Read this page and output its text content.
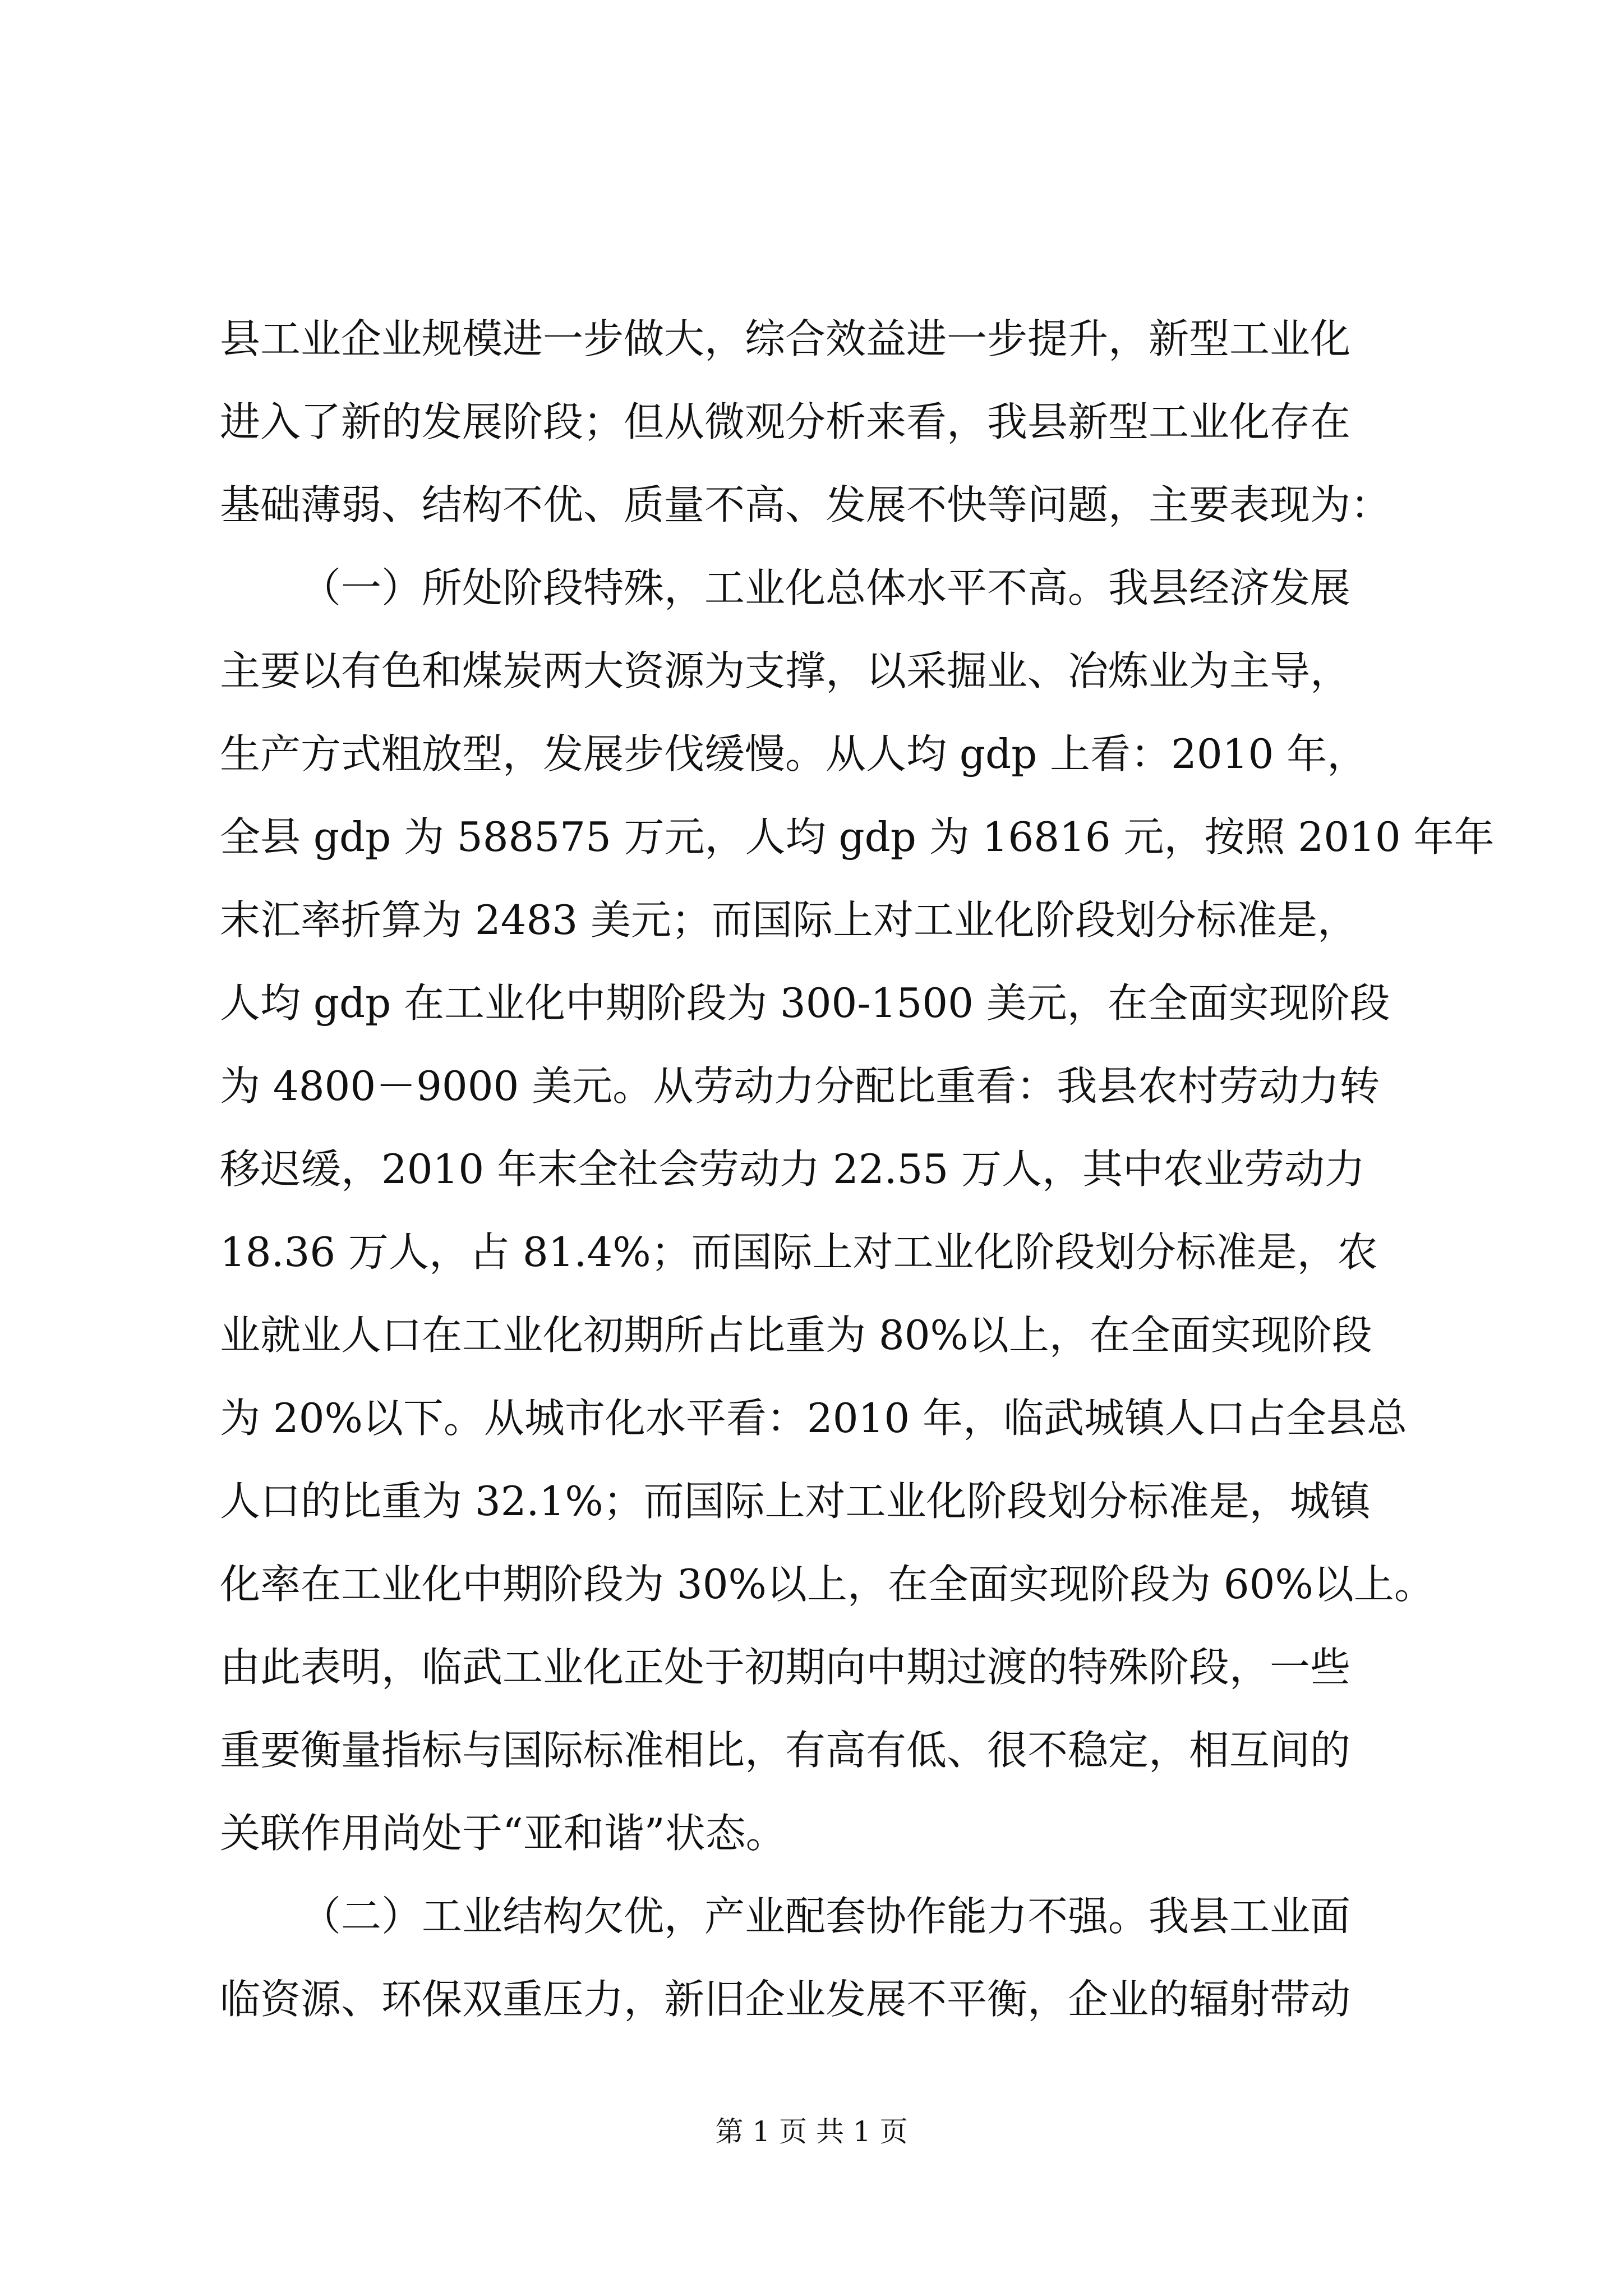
县工业企业规模进一步做大，综合效益进一步提升，新型工业化
进入了新的发展阶段；但从微观分析来看，我县新型工业化存在
基础薄弱、结构不优、质量不高、发展不快等问题，主要表现为：
（一）所处阶段特殊，工业化总体水平不高。我县经济发展
主要以有色和煤炭两大资源为支撑，以采掘业、冶炼业为主导，
生产方式粗放型，发展步伐缓慢。从人均 gdp 上看：2010 年，
全县 gdp 为 588575 万元，人均 gdp 为 16816 元，按照 2010 年年
末汇率折算为 2483 美元；而国际上对工业化阶段划分标准是，
人均 gdp 在工业化中期阶段为 300-1500 美元，在全面实现阶段
为 4800－9000 美元。从劳动力分配比重看：我县农村劳动力转
移迟缓，2010 年末全社会劳动力 22.55 万人，其中农业劳动力
18.36 万人，占 81.4%；而国际上对工业化阶段划分标准是，农
业就业人口在工业化初期所占比重为 80%以上，在全面实现阶段
为 20%以下。从城市化水平看：2010 年，临武城镇人口占全县总
人口的比重为 32.1%；而国际上对工业化阶段划分标准是，城镇
化率在工业化中期阶段为 30%以上，在全面实现阶段为 60%以上。
由此表明，临武工业化正处于初期向中期过渡的特殊阶段，一些
重要衡量指标与国际标准相比，有高有低、很不稳定，相互间的
关联作用尚处于“亚和谐”状态。
（二）工业结构欠优，产业配套协作能力不强。我县工业面
临资源、环保双重压力，新旧企业发展不平衡，企业的辐射带动
第 1 页 共 1 页
